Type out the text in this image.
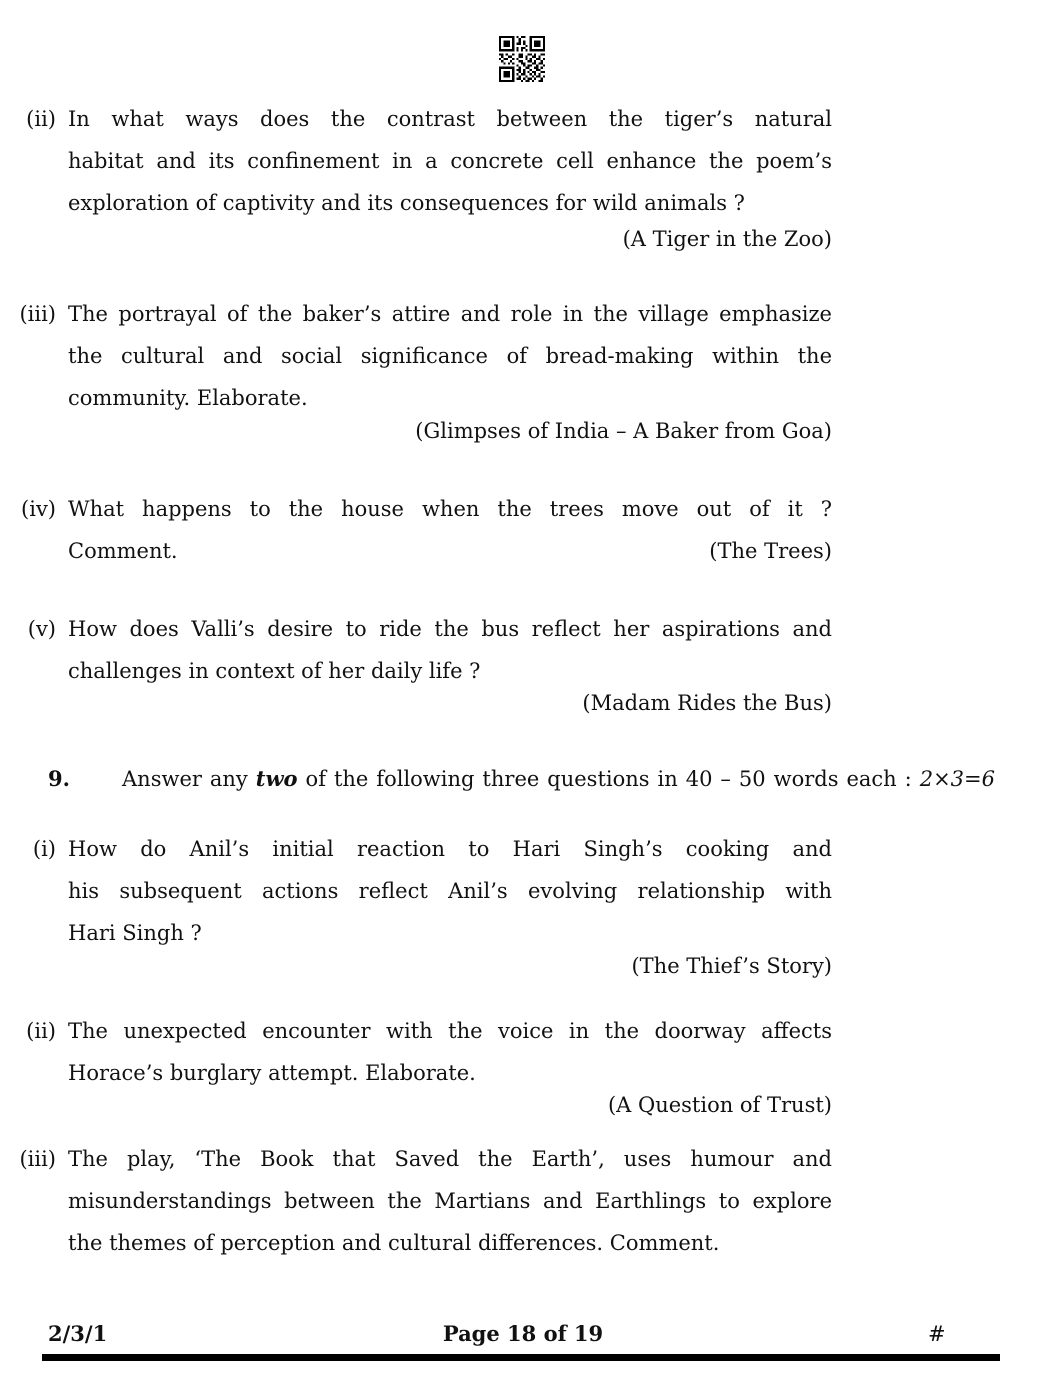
(ii) In what ways does the contrast between the tiger’s natural
habitat and its confinement in a concrete cell enhance the poem’s
exploration of captivity and its consequences for wild animals ?
(A Tiger in the Zoo)
(iii) The portrayal of the baker’s attire and role in the village emphasize
the cultural and social significance of bread-making within the
community. Elaborate.
(Glimpses of India – A Baker from Goa)
(iv) What happens to the house when the trees move out of it ?
Comment.	(The Trees)
(v) How does Valli’s desire to ride the bus reflect her aspirations and
challenges in context of her daily life ?
(Madam Rides the Bus)
9.	Answer any two of the following three questions in 40 – 50 words each : 2×3=6
(i) How do Anil’s initial reaction to Hari Singh’s cooking and
his subsequent actions reflect Anil’s evolving relationship with
Hari Singh ?
(The Thief’s Story)
(ii) The unexpected encounter with the voice in the doorway affects
Horace’s burglary attempt. Elaborate.
(A Question of Trust)
(iii) The play, ‘The Book that Saved the Earth’, uses humour and
misunderstandings between the Martians and Earthlings to explore
the themes of perception and cultural differences. Comment.
2/3/1	Page 18 of 19	#
